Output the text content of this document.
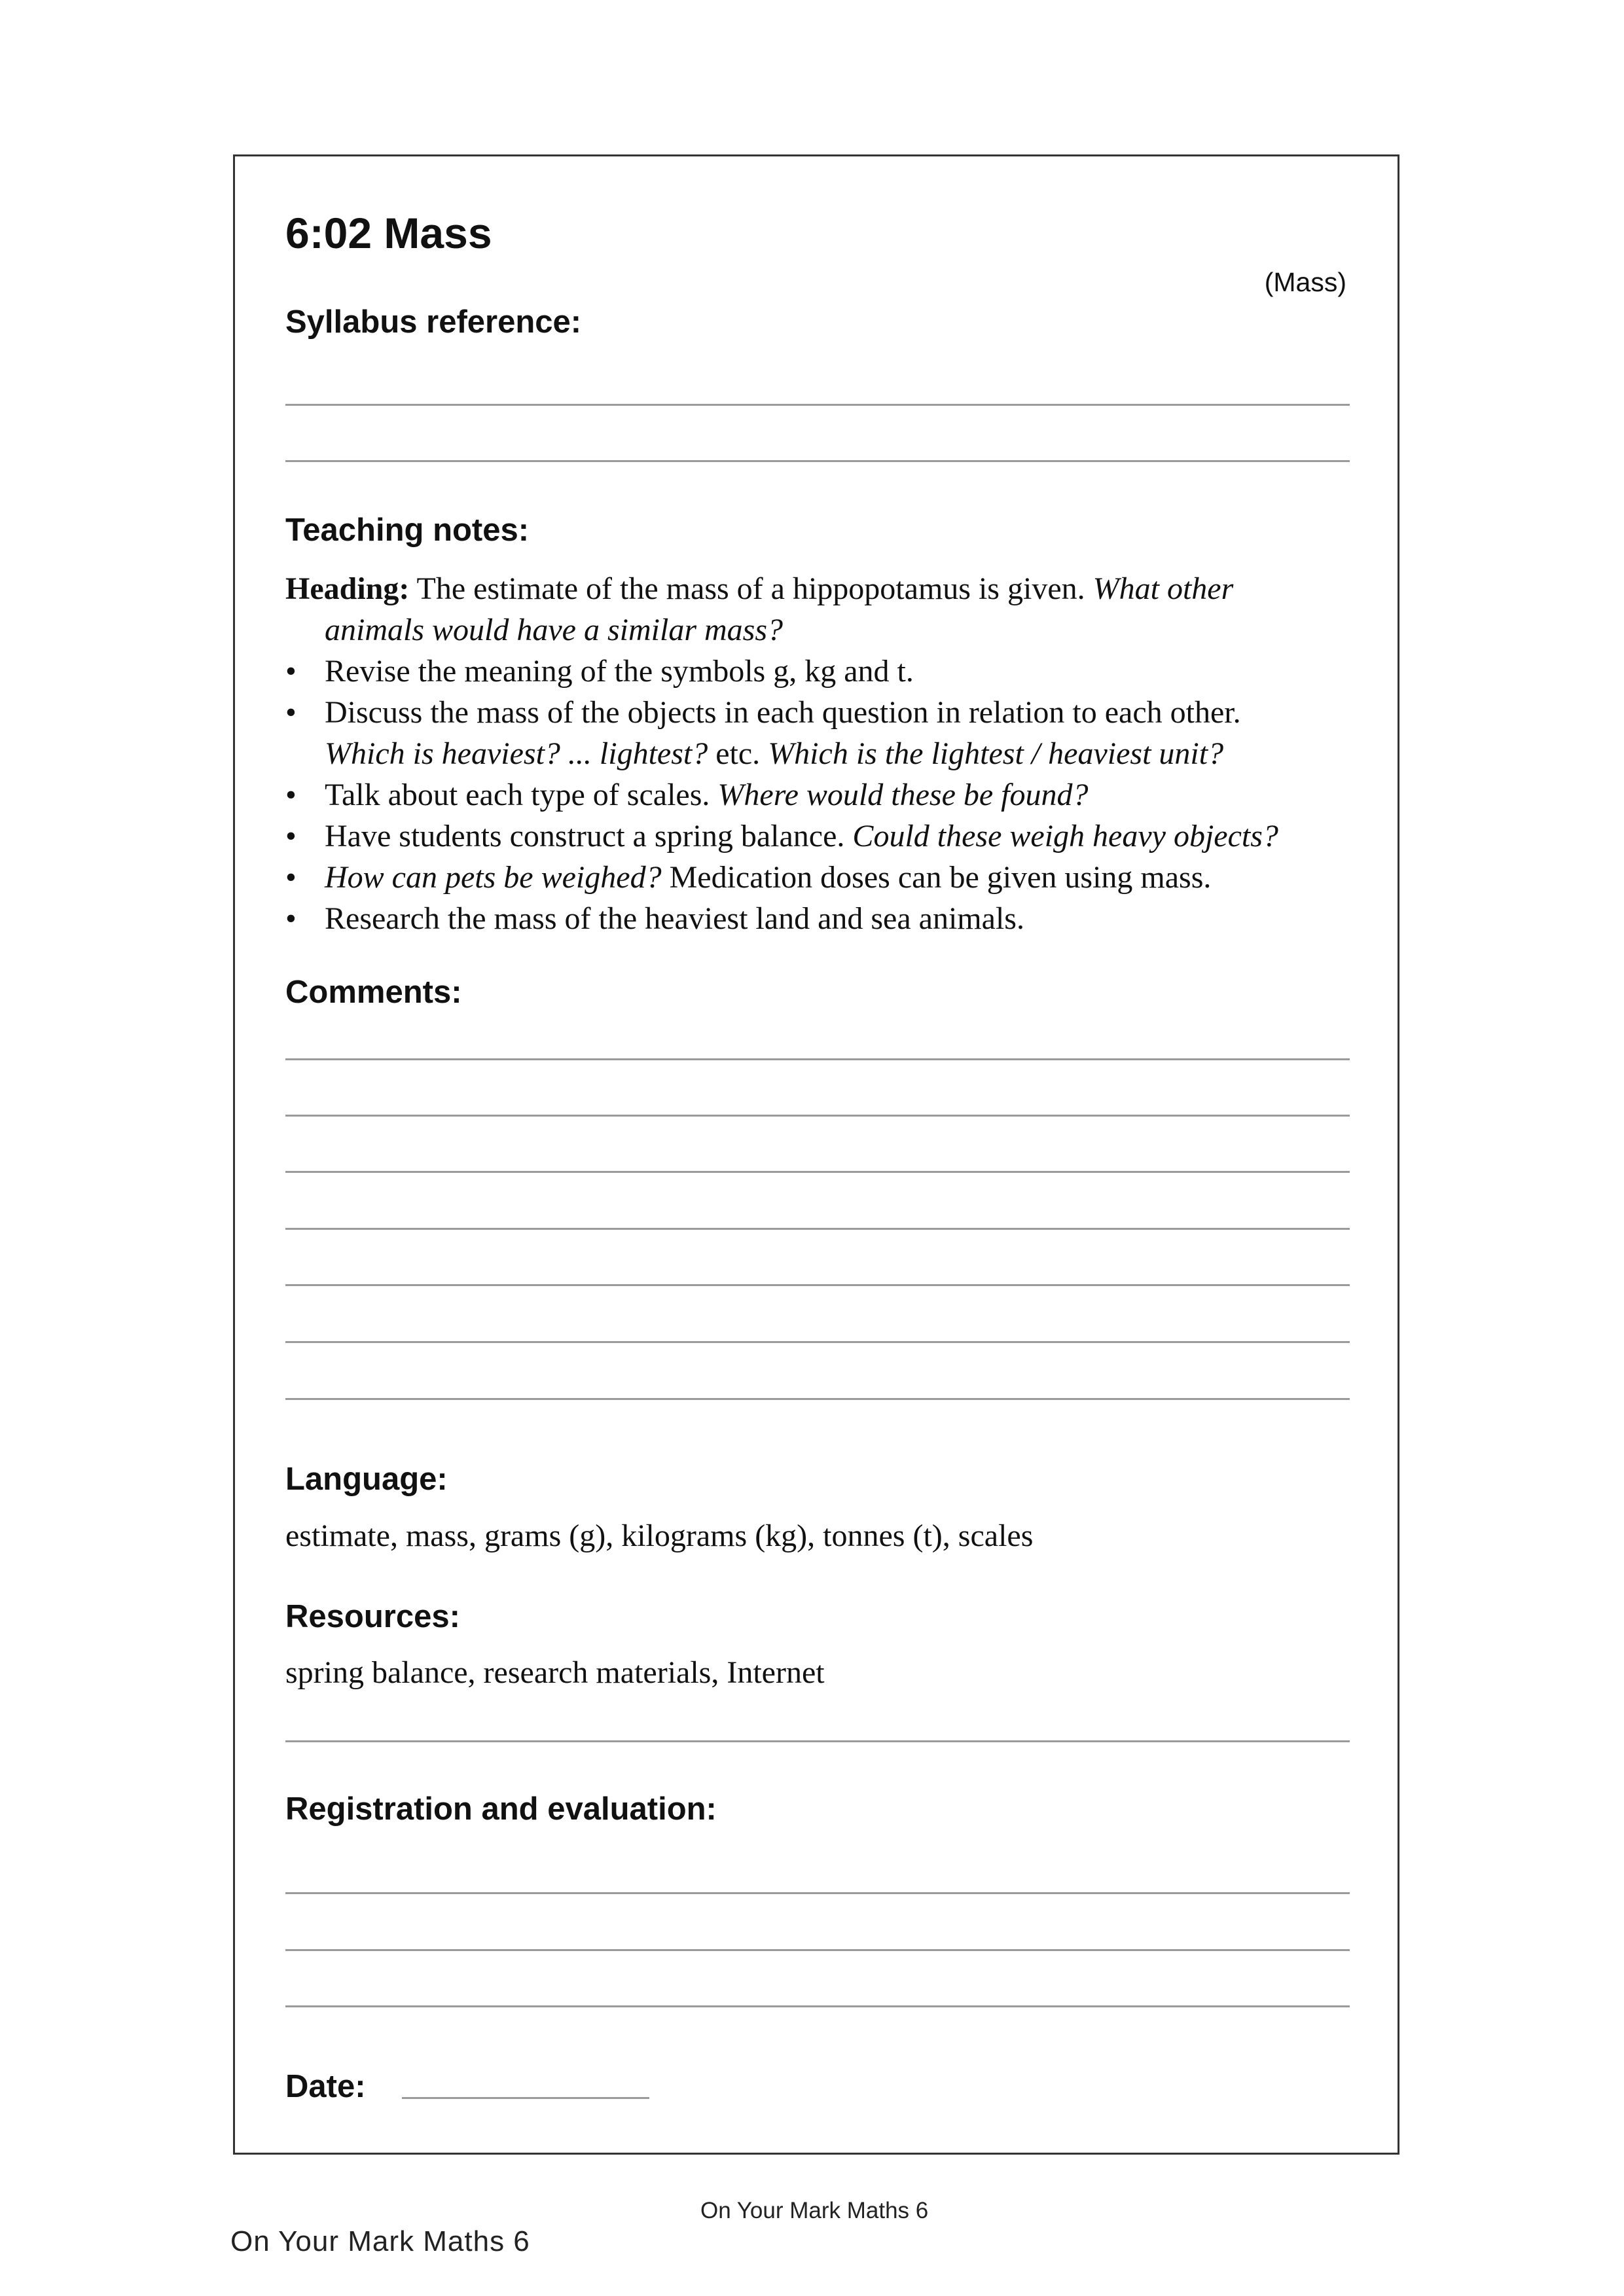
6:02 Mass
(Mass)
Syllabus reference:
Teaching notes:
Heading: The estimate of the mass of a hippopotamus is given. What other
animals would have a similar mass?
• Revise the meaning of the symbols g, kg and t.
• Discuss the mass of the objects in each question in relation to each other.
Which is heaviest? ... lightest? etc. Which is the lightest / heaviest unit?
• Talk about each type of scales. Where would these be found?
• Have students construct a spring balance. Could these weigh heavy objects?
• How can pets be weighed? Medication doses can be given using mass.
• Research the mass of the heaviest land and sea animals.
Comments:
Language:
estimate, mass, grams (g), kilograms (kg), tonnes (t), scales
Resources:
spring balance, research materials, Internet
Registration and evaluation:
Date:
On Your Mark Maths 6
On Your Mark Maths 6
